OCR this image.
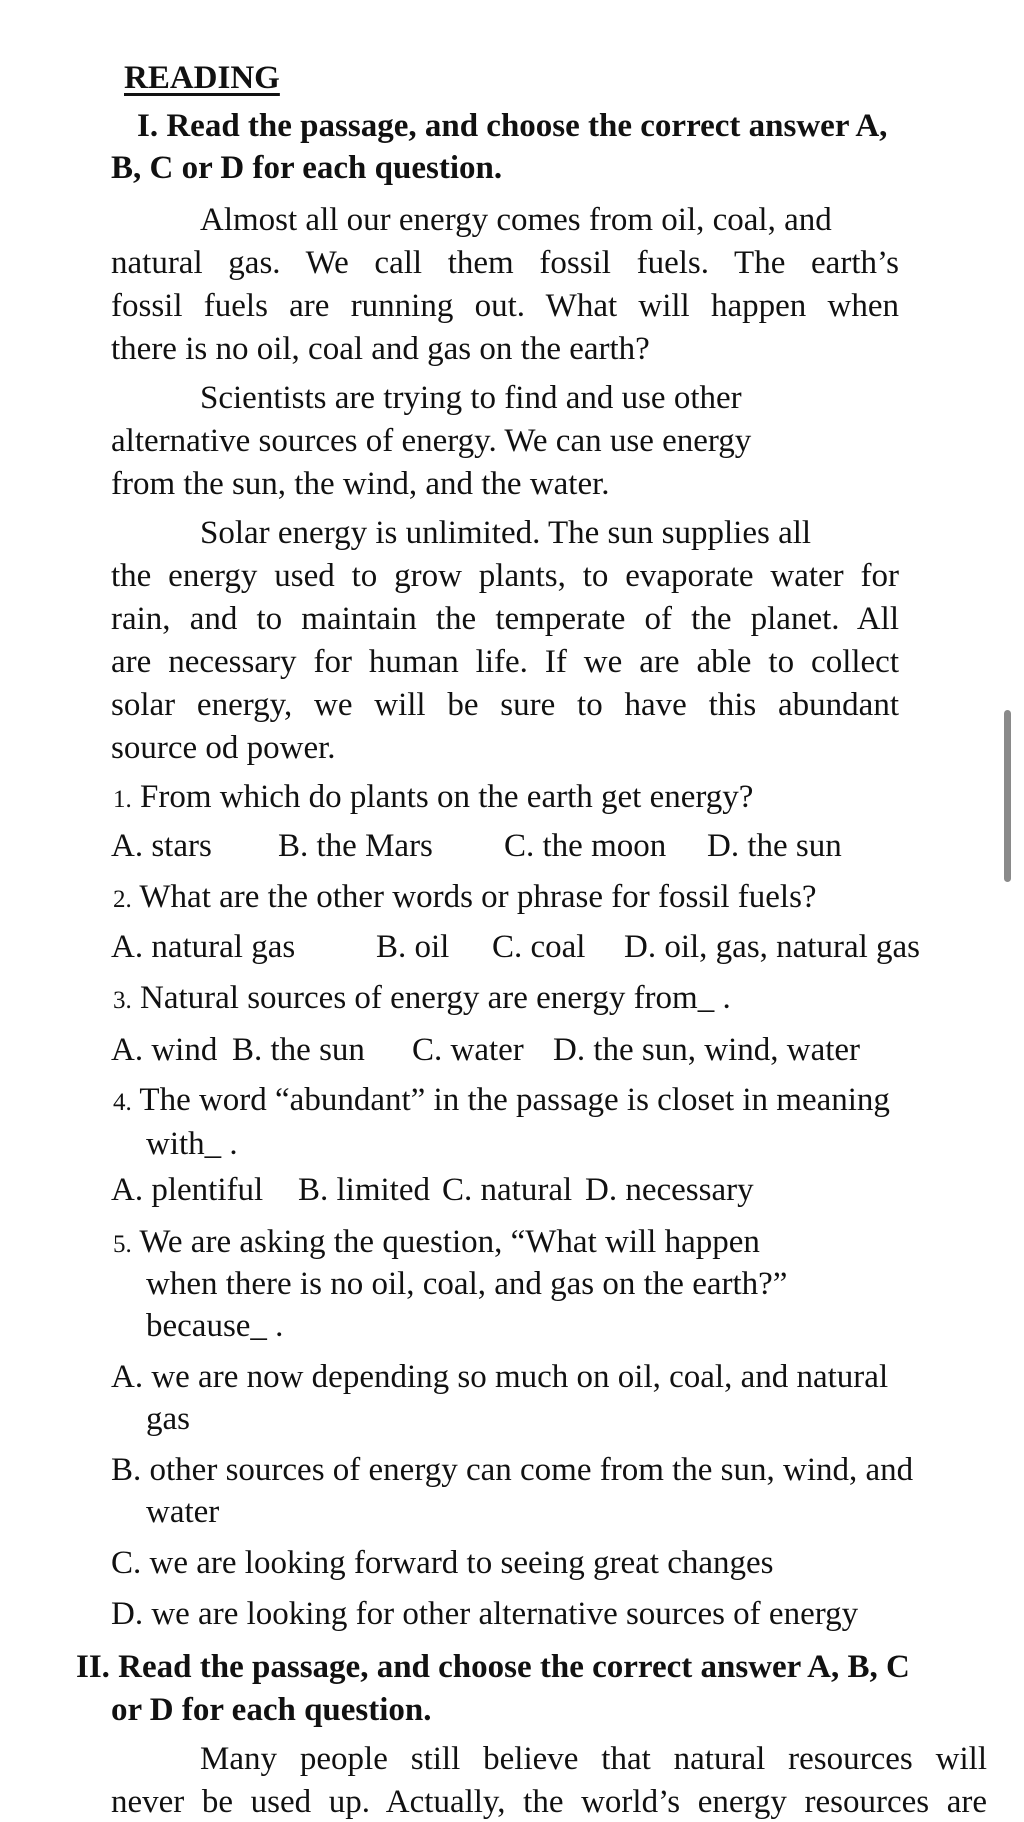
READING
I. Read the passage, and choose the correct answer A,
B, C or D for each question.
Almost all our energy comes from oil, coal, and
natural gas. We call them fossil fuels. The earth’s
fossil fuels are running out. What will happen when
there is no oil, coal and gas on the earth?
Scientists are trying to find and use other
alternative sources of energy. We can use energy
from the sun, the wind, and the water.
Solar energy is unlimited. The sun supplies all
the energy used to grow plants, to evaporate water for
rain, and to maintain the temperate of the planet. All
are necessary for human life. If we are able to collect
solar energy, we will be sure to have this abundant
source od power.
1. From which do plants on the earth get energy?
A. stars B. the Mars C. the moon D. the sun
2. What are the other words or phrase for fossil fuels?
A. natural gas B. oil C. coal D. oil, gas, natural gas
3. Natural sources of energy are energy from_ .
A. wind B. the sun C. water D. the sun, wind, water
4. The word “abundant” in the passage is closet in meaning
with_ .
A. plentiful B. limited C. natural D. necessary
5. We are asking the question, “What will happen
when there is no oil, coal, and gas on the earth?”
because_ .
A. we are now depending so much on oil, coal, and natural
gas
B. other sources of energy can come from the sun, wind, and
water
C. we are looking forward to seeing great changes
D. we are looking for other alternative sources of energy
II. Read the passage, and choose the correct answer A, B, C
or D for each question.
Many people still believe that natural resources will
never be used up. Actually, the world’s energy resources are
